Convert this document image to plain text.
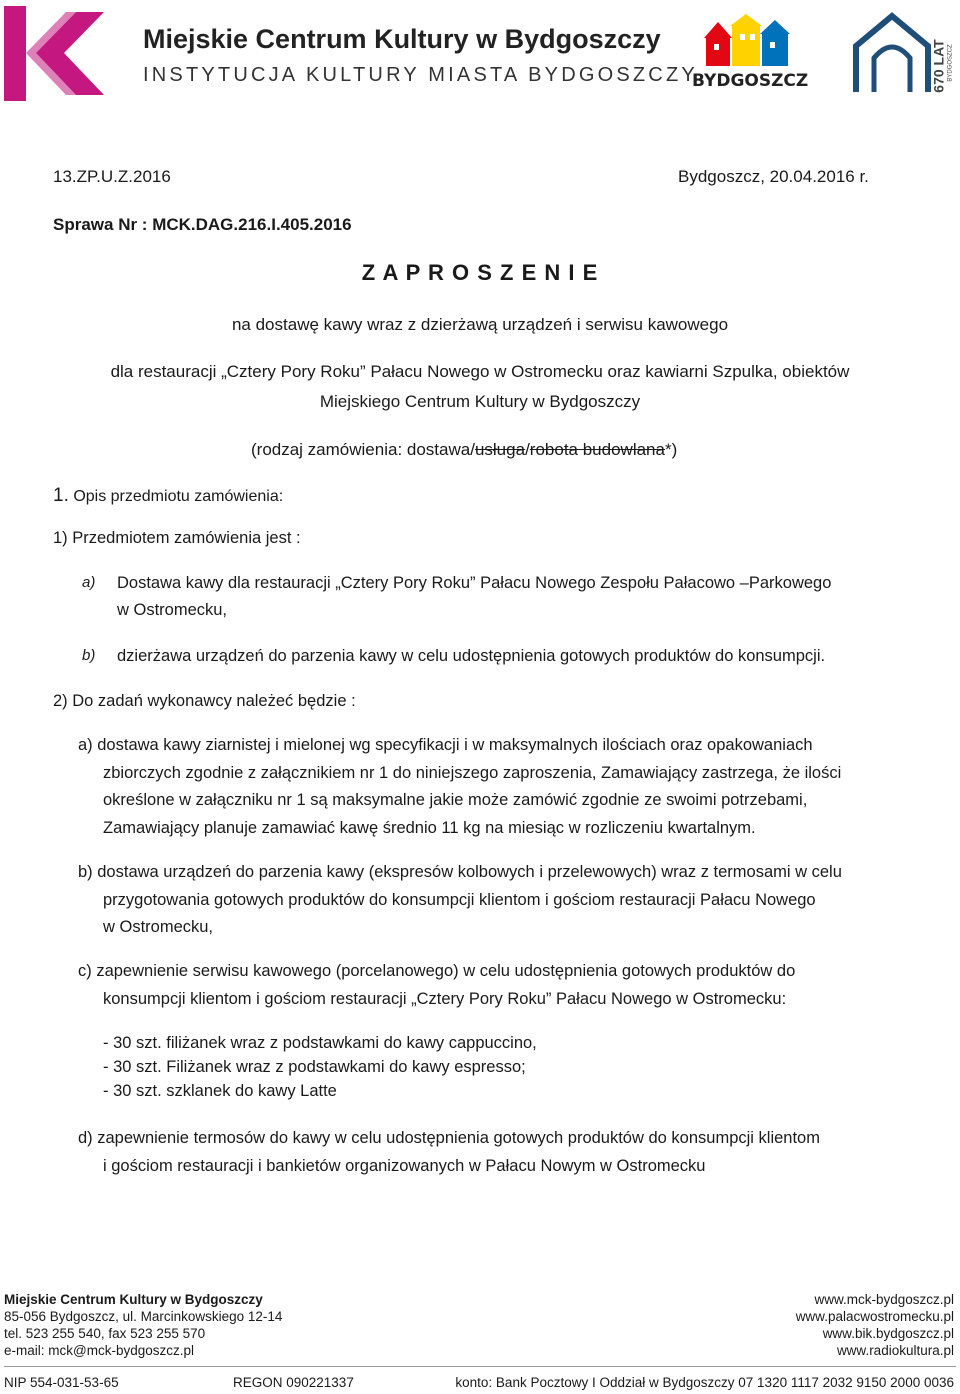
Miejskie Centrum Kultury w Bydgoszczy
INSTYTUCJA KULTURY MIASTA BYDGOSZCZY
BYDGOSZCZ	670 LAT BYDGOSZCZ
13.ZP.U.Z.2016	Bydgoszcz, 20.04.2016 r.
Sprawa Nr : MCK.DAG.216.I.405.2016
Z A P R O S Z E N I E
na dostawę kawy wraz z dzierżawą urządzeń i serwisu kawowego
dla restauracji „Cztery Pory Roku” Pałacu Nowego w Ostromecku oraz kawiarni Szpulka, obiektów
Miejskiego Centrum Kultury w Bydgoszczy
(rodzaj zamówienia: dostawa/usługa/robota budowlana*)
1. Opis przedmiotu zamówienia:
1) Przedmiotem zamówienia jest :
a) Dostawa kawy dla restauracji „Cztery Pory Roku” Pałacu Nowego Zespołu Pałacowo –Parkowego
w Ostromecku,
b) dzierżawa urządzeń do parzenia kawy w celu udostępnienia gotowych produktów do konsumpcji.
2) Do zadań wykonawcy należeć będzie :
a) dostawa kawy ziarnistej i mielonej wg specyfikacji i w maksymalnych ilościach oraz opakowaniach
zbiorczych zgodnie z załącznikiem nr 1 do niniejszego zaproszenia, Zamawiający zastrzega, że ilości
określone w załączniku nr 1 są maksymalne jakie może zamówić zgodnie ze swoimi potrzebami,
Zamawiający planuje zamawiać kawę średnio 11 kg na miesiąc w rozliczeniu kwartalnym.
b) dostawa urządzeń do parzenia kawy (ekspresów kolbowych i przelewowych) wraz z termosami w celu
przygotowania gotowych produktów do konsumpcji klientom i gościom restauracji Pałacu Nowego
w Ostromecku,
c) zapewnienie serwisu kawowego (porcelanowego) w celu udostępnienia gotowych produktów do
konsumpcji klientom i gościom restauracji „Cztery Pory Roku” Pałacu Nowego w Ostromecku:
- 30 szt. filiżanek wraz z podstawkami do kawy cappuccino,
- 30 szt. Filiżanek wraz z podstawkami do kawy espresso;
- 30 szt. szklanek do kawy Latte
d) zapewnienie termosów do kawy w celu udostępnienia gotowych produktów do konsumpcji klientom
i gościom restauracji i bankietów organizowanych w Pałacu Nowym w Ostromecku
Miejskie Centrum Kultury w Bydgoszczy
85-056 Bydgoszcz, ul. Marcinkowskiego 12-14
tel. 523 255 540, fax 523 255 570
e-mail: mck@mck-bydgoszcz.pl
www.mck-bydgoszcz.pl
www.palacwostromecku.pl
www.bik.bydgoszcz.pl
www.radiokultura.pl
NIP 554-031-53-65	REGON 090221337	konto: Bank Pocztowy I Oddział w Bydgoszczy 07 1320 1117 2032 9150 2000 0036
